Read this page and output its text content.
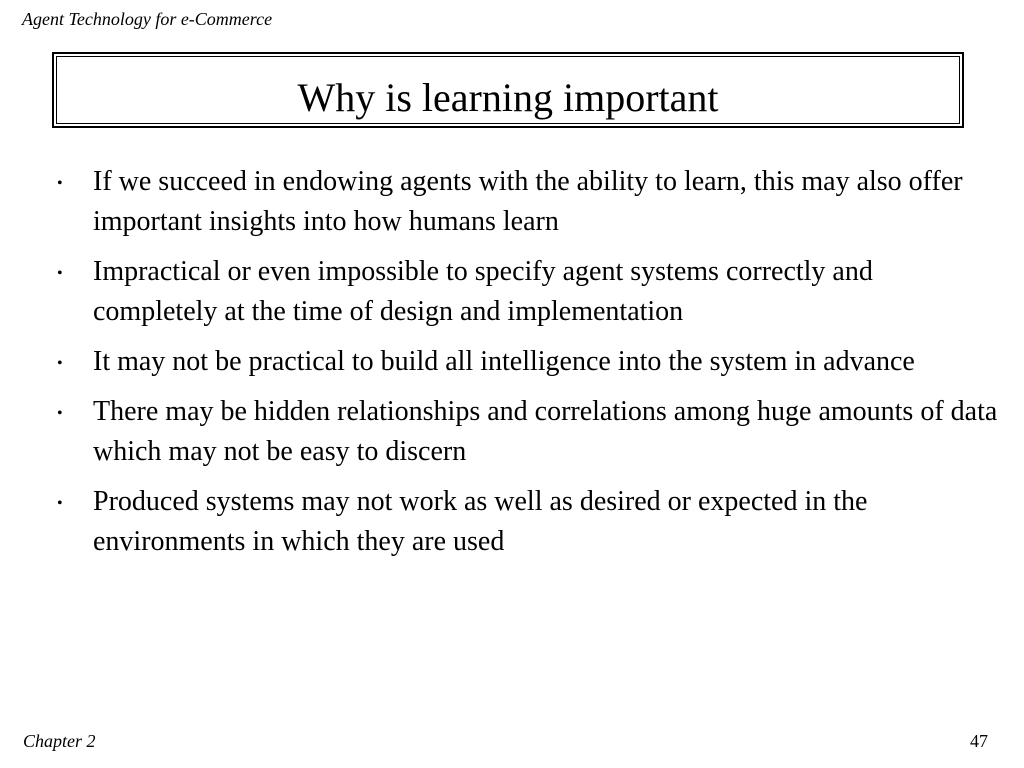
Agent Technology for e-Commerce
Why is learning important
• If we succeed in endowing agents with the ability to learn, this may also offer important insights into how humans learn
• Impractical or even impossible to specify agent systems correctly and completely at the time of design and implementation
• It may not be practical to build all intelligence into the system in advance
• There may be hidden relationships and correlations among huge amounts of data which may not be easy to discern
• Produced systems may not work as well as desired or expected in the environments in which they are used
Chapter 2	47
